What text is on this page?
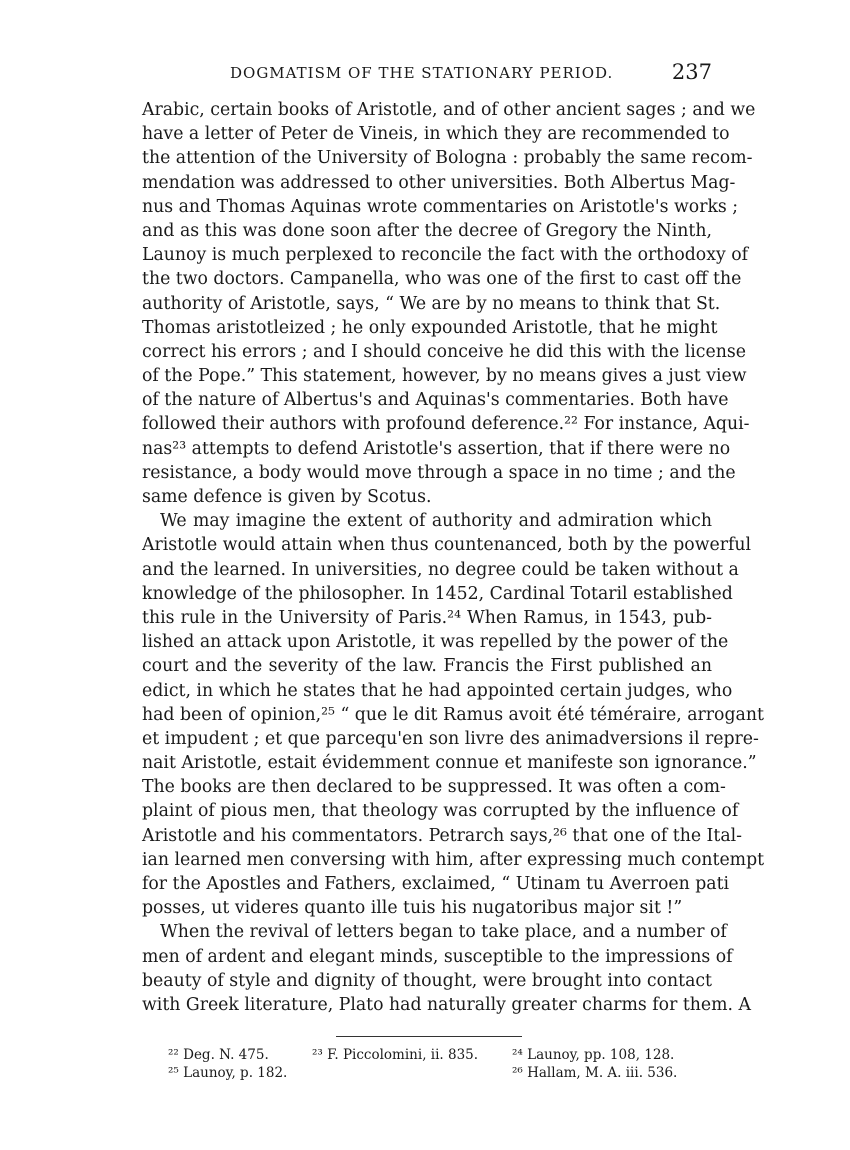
DOGMATISM OF THE STATIONARY PERIOD.	237
Arabic, certain books of Aristotle, and of other ancient sages ; and we
have a letter of Peter de Vineis, in which they are recommended to
the attention of the University of Bologna : probably the same recom-
mendation was addressed to other universities. Both Albertus Mag-
nus and Thomas Aquinas wrote commentaries on Aristotle's works ;
and as this was done soon after the decree of Gregory the Ninth,
Launoy is much perplexed to reconcile the fact with the orthodoxy of
the two doctors. Campanella, who was one of the first to cast off the
authority of Aristotle, says, “ We are by no means to think that St.
Thomas aristotleized ; he only expounded Aristotle, that he might
correct his errors ; and I should conceive he did this with the license
of the Pope.” This statement, however, by no means gives a just view
of the nature of Albertus's and Aquinas's commentaries. Both have
followed their authors with profound deference.²² For instance, Aqui-
nas²³ attempts to defend Aristotle's assertion, that if there were no
resistance, a body would move through a space in no time ; and the
same defence is given by Scotus.
We may imagine the extent of authority and admiration which
Aristotle would attain when thus countenanced, both by the powerful
and the learned. In universities, no degree could be taken without a
knowledge of the philosopher. In 1452, Cardinal Totaril established
this rule in the University of Paris.²⁴ When Ramus, in 1543, pub-
lished an attack upon Aristotle, it was repelled by the power of the
court and the severity of the law. Francis the First published an
edict, in which he states that he had appointed certain judges, who
had been of opinion,²⁵ “ que le dit Ramus avoit été téméraire, arrogant
et impudent ; et que parcequ'en son livre des animadversions il repre-
nait Aristotle, estait évidemment connue et manifeste son ignorance.”
The books are then declared to be suppressed. It was often a com-
plaint of pious men, that theology was corrupted by the influence of
Aristotle and his commentators. Petrarch says,²⁶ that one of the Ital-
ian learned men conversing with him, after expressing much contempt
for the Apostles and Fathers, exclaimed, “ Utinam tu Averroen pati
posses, ut videres quanto ille tuis his nugatoribus major sit !”
When the revival of letters began to take place, and a number of
men of ardent and elegant minds, susceptible to the impressions of
beauty of style and dignity of thought, were brought into contact
with Greek literature, Plato had naturally greater charms for them. A
²² Deg. N. 475.	²³ F. Piccolomini, ii. 835.	²⁴ Launoy, pp. 108, 128.
²⁵ Launoy, p. 182.	²⁶ Hallam, M. A. iii. 536.
